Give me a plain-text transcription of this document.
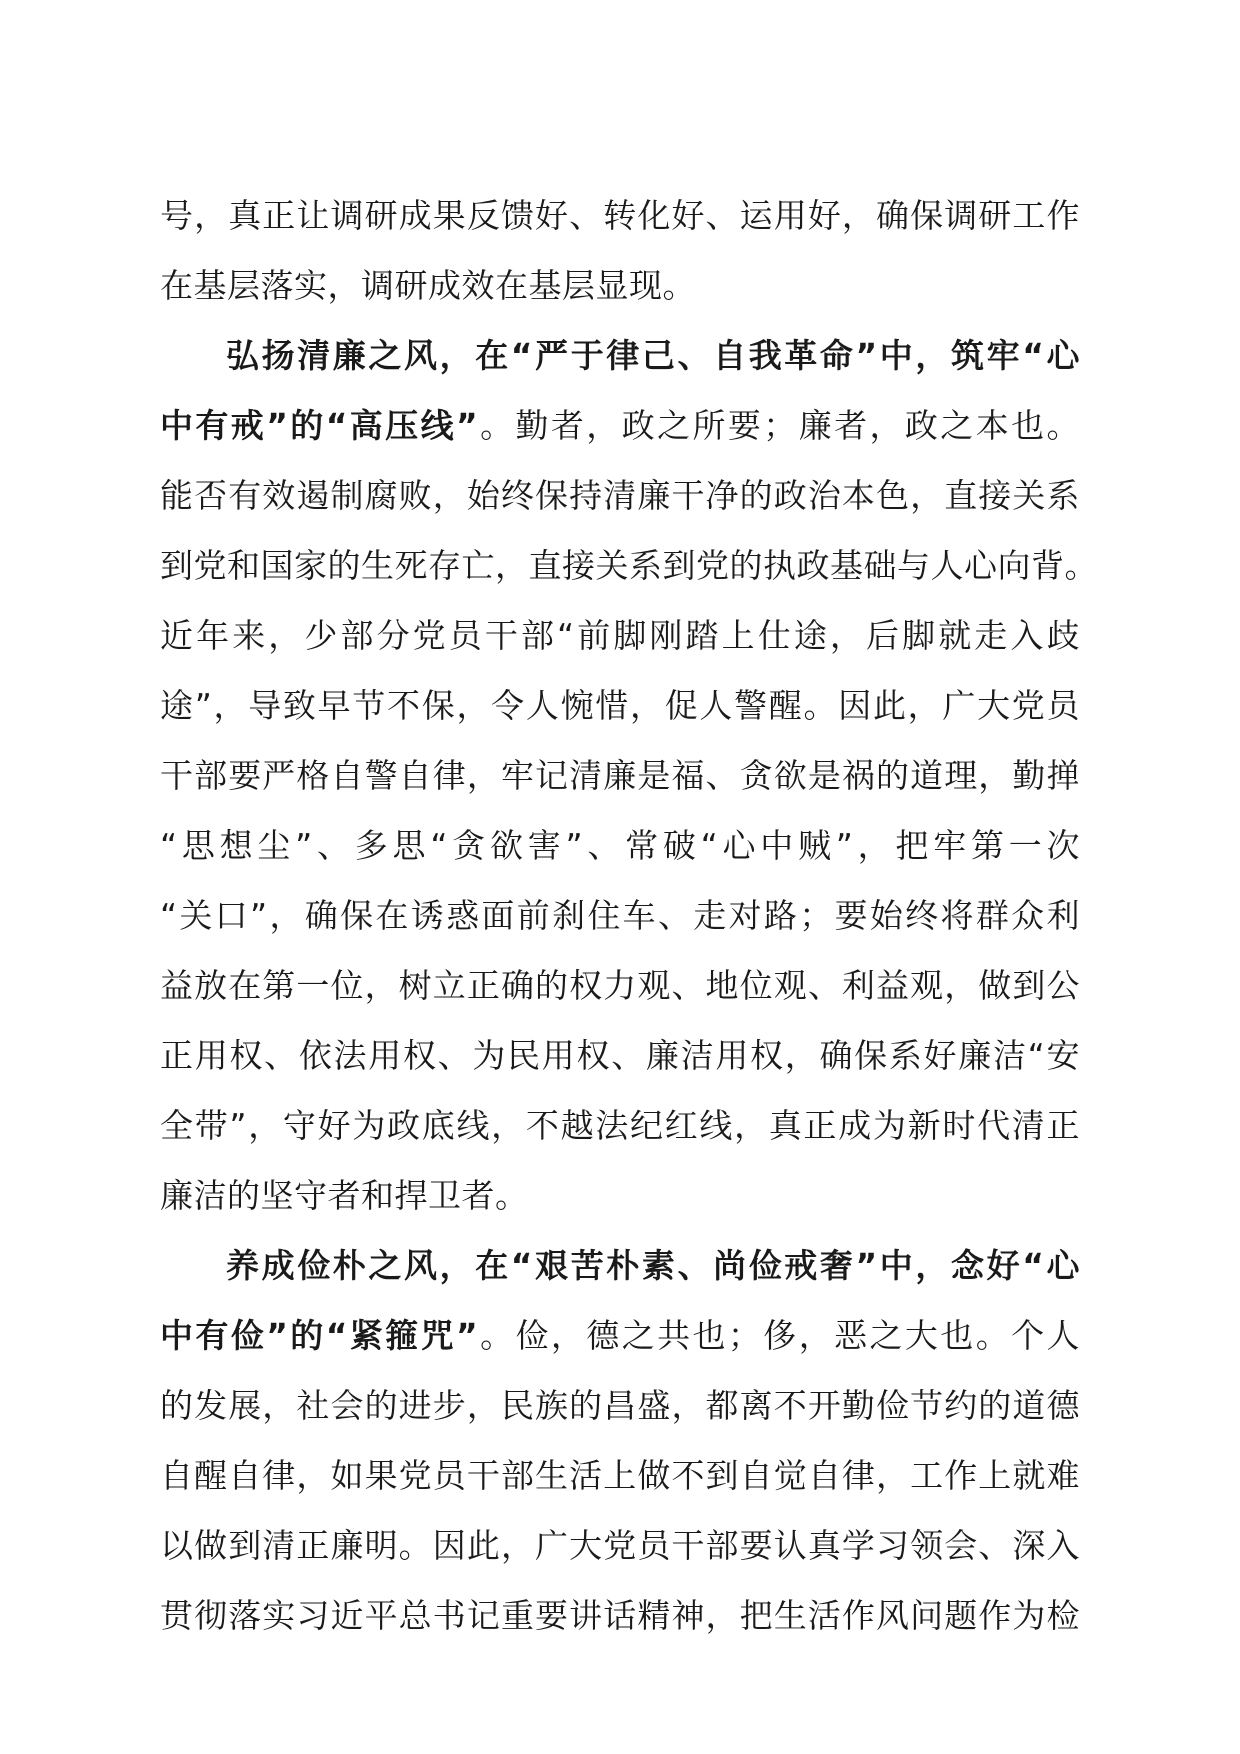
号，真正让调研成果反馈好、转化好、运用好，确保调研工作
在基层落实，调研成效在基层显现。
弘扬清廉之风，在“严于律己、自我革命”中，筑牢“心
中有戒”的“高压线”。勤者，政之所要；廉者，政之本也。
能否有效遏制腐败，始终保持清廉干净的政治本色，直接关系
到党和国家的生死存亡，直接关系到党的执政基础与人心向背。
近年来，少部分党员干部“前脚刚踏上仕途，后脚就走入歧
途”，导致早节不保，令人惋惜，促人警醒。因此，广大党员
干部要严格自警自律，牢记清廉是福、贪欲是祸的道理，勤掸
“思想尘”、多思“贪欲害”、常破“心中贼”，把牢第一次
“关口”，确保在诱惑面前刹住车、走对路；要始终将群众利
益放在第一位，树立正确的权力观、地位观、利益观，做到公
正用权、依法用权、为民用权、廉洁用权，确保系好廉洁“安
全带”，守好为政底线，不越法纪红线，真正成为新时代清正
廉洁的坚守者和捍卫者。
养成俭朴之风，在“艰苦朴素、尚俭戒奢”中，念好“心
中有俭”的“紧箍咒”。俭，德之共也；侈，恶之大也。个人
的发展，社会的进步，民族的昌盛，都离不开勤俭节约的道德
自醒自律，如果党员干部生活上做不到自觉自律，工作上就难
以做到清正廉明。因此，广大党员干部要认真学习领会、深入
贯彻落实习近平总书记重要讲话精神，把生活作风问题作为检
